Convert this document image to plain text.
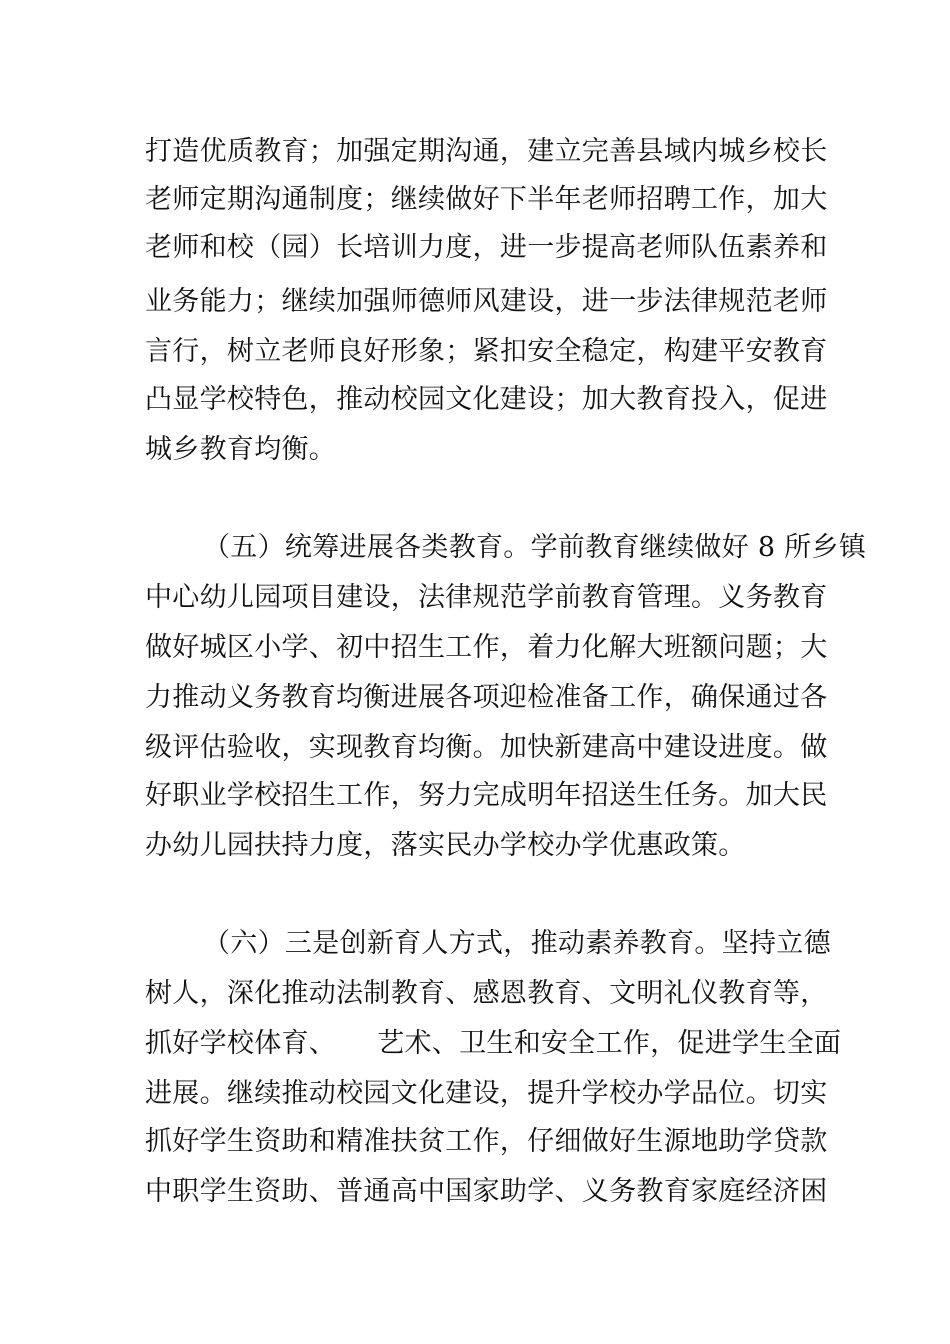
打造优质教育；加强定期沟通，建立完善县域内城乡校长
老师定期沟通制度；继续做好下半年老师招聘工作，加大
老师和校（园）长培训力度，进一步提高老师队伍素养和
业务能力；继续加强师德师风建设，进一步法律规范老师
言行，树立老师良好形象；紧扣安全稳定，构建平安教育
凸显学校特色，推动校园文化建设；加大教育投入，促进
城乡教育均衡。
（五）统筹进展各类教育。学前教育继续做好 8 所乡镇
中心幼儿园项目建设，法律规范学前教育管理。义务教育
做好城区小学、初中招生工作，着力化解大班额问题；大
力推动义务教育均衡进展各项迎检准备工作，确保通过各
级评估验收，实现教育均衡。加快新建高中建设进度。做
好职业学校招生工作，努力完成明年招送生任务。加大民
办幼儿园扶持力度，落实民办学校办学优惠政策。
（六）三是创新育人方式，推动素养教育。坚持立德
树人，深化推动法制教育、感恩教育、文明礼仪教育等，
抓好学校体育、　　艺术、卫生和安全工作，促进学生全面
进展。继续推动校园文化建设，提升学校办学品位。切实
抓好学生资助和精准扶贫工作，仔细做好生源地助学贷款
中职学生资助、普通高中国家助学、义务教育家庭经济困
